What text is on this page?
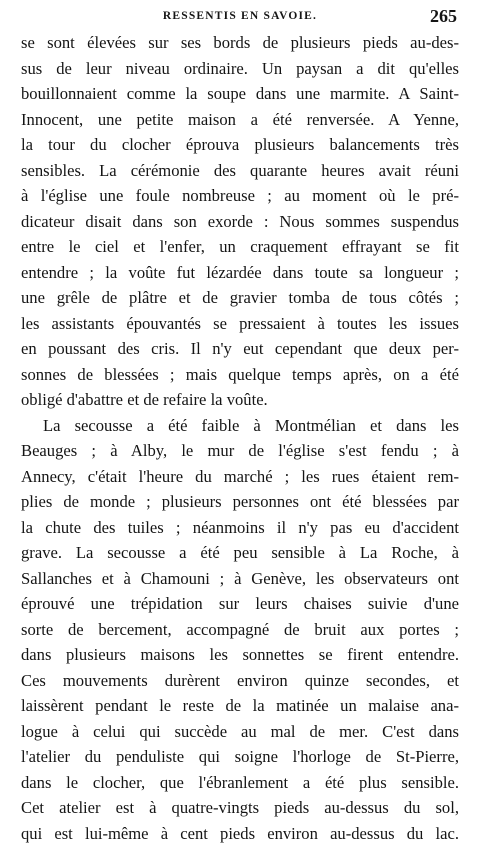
RESSENTIS EN SAVOIE.	265
se sont élevées sur ses bords de plusieurs pieds au-des-
sus de leur niveau ordinaire. Un paysan a dit qu'elles
bouillonnaient comme la soupe dans une marmite. A Saint-
Innocent, une petite maison a été renversée. A Yenne,
la tour du clocher éprouva plusieurs balancements très
sensibles. La cérémonie des quarante heures avait réuni
à l'église une foule nombreuse ; au moment où le pré-
dicateur disait dans son exorde : Nous sommes suspendus
entre le ciel et l'enfer, un craquement effrayant se fit
entendre ; la voûte fut lézardée dans toute sa longueur ;
une grêle de plâtre et de gravier tomba de tous côtés ;
les assistants épouvantés se pressaient à toutes les issues
en poussant des cris. Il n'y eut cependant que deux per-
sonnes de blessées ; mais quelque temps après, on a été
obligé d'abattre et de refaire la voûte.
La secousse a été faible à Montmélian et dans les
Beauges ; à Alby, le mur de l'église s'est fendu ; à
Annecy, c'était l'heure du marché ; les rues étaient rem-
plies de monde ; plusieurs personnes ont été blessées par
la chute des tuiles ; néanmoins il n'y pas eu d'accident
grave. La secousse a été peu sensible à La Roche, à
Sallanches et à Chamouni ; à Genève, les observateurs ont
éprouvé une trépidation sur leurs chaises suivie d'une
sorte de bercement, accompagné de bruit aux portes ;
dans plusieurs maisons les sonnettes se firent entendre.
Ces mouvements durèrent environ quinze secondes, et
laissèrent pendant le reste de la matinée un malaise ana-
logue à celui qui succède au mal de mer. C'est dans
l'atelier du penduliste qui soigne l'horloge de St-Pierre,
dans le clocher, que l'ébranlement a été plus sensible.
Cet atelier est à quatre-vingts pieds au-dessus du sol,
qui est lui-même à cent pieds environ au-dessus du lac.
